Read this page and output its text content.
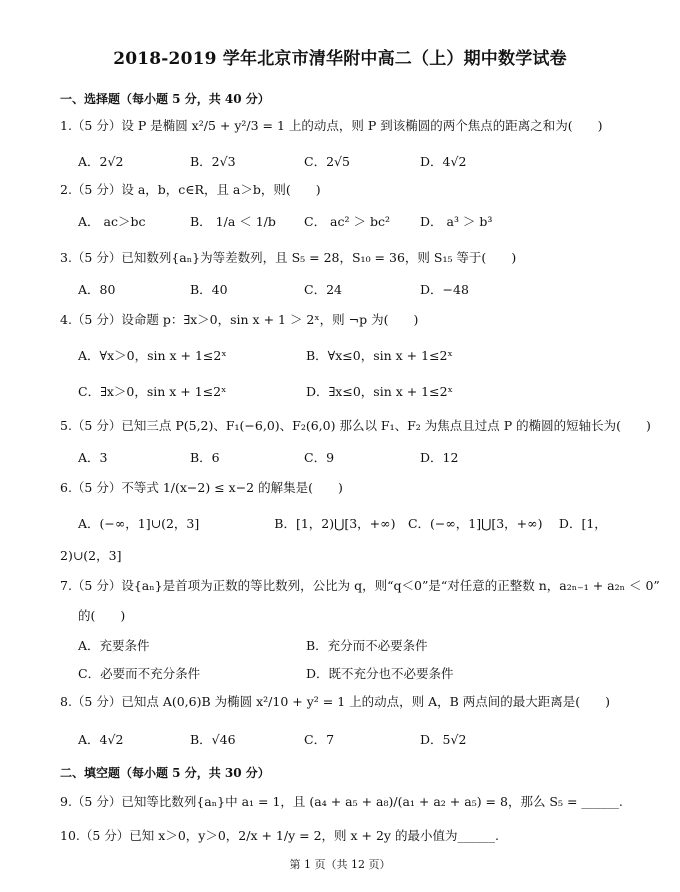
2018-2019 学年北京市清华附中高二（上）期中数学试卷
一、选择题（每小题 5 分，共 40 分）
1.（5 分）设 P 是椭圆 x²/5 + y²/3 = 1 上的动点，则 P 到该椭圆的两个焦点的距离之和为(　　)
A．2√2	B．2√3	C．2√5	D．4√2
2.（5 分）设 a，b，c∈R，且 a＞b，则(　　)
A． ac＞bc	B． 1/a ＜ 1/b C． ac² ＞ bc² D． a³ ＞ b³
3.（5 分）已知数列{aₙ}为等差数列，且 S₅ = 28，S₁₀ = 36，则 S₁₅ 等于(　　)
A．80	B．40	C．24	D．−48
4.（5 分）设命题 p：∃x＞0，sin x + 1 ＞ 2ˣ，则 ¬p 为(　　)
A．∀x＞0，sin x + 1≤2ˣ	B．∀x≤0，sin x + 1≤2ˣ
C．∃x＞0，sin x + 1≤2ˣ	D．∃x≤0，sin x + 1≤2ˣ
5.（5 分）已知三点 P(5,2)、F₁(−6,0)、F₂(6,0) 那么以 F₁、F₂ 为焦点且过点 P 的椭圆的短轴长为(　　)
A．3	B．6	C．9	D．12
6.（5 分）不等式 1/(x−2) ≤ x−2 的解集是(　　)
A．(−∞，1]∪(2，3]　　　　　　B．[1，2)⋃[3，+∞)　C．(−∞，1]⋃[3，+∞)　 D．[1，
2)∪(2，3]
7.（5 分）设{aₙ}是首项为正数的等比数列，公比为 q，则“q＜0”是“对任意的正整数 n，a₂ₙ₋₁ + a₂ₙ ＜ 0”
的(　　)
A．充要条件	B．充分而不必要条件
C．必要而不充分条件	D．既不充分也不必要条件
8.（5 分）已知点 A(0,6)B 为椭圆 x²/10 + y² = 1 上的动点，则 A，B 两点间的最大距离是(　　)
A．4√2	B．√46	C．7	D．5√2
二、填空题（每小题 5 分，共 30 分）
9.（5 分）已知等比数列{aₙ}中 a₁ = 1，且 (a₄ + a₅ + a₈)/(a₁ + a₂ + a₅) = 8，那么 S₅ = ______.
10.（5 分）已知 x＞0，y＞0，2/x + 1/y = 2，则 x + 2y 的最小值为______.
第 1 页（共 12 页）
